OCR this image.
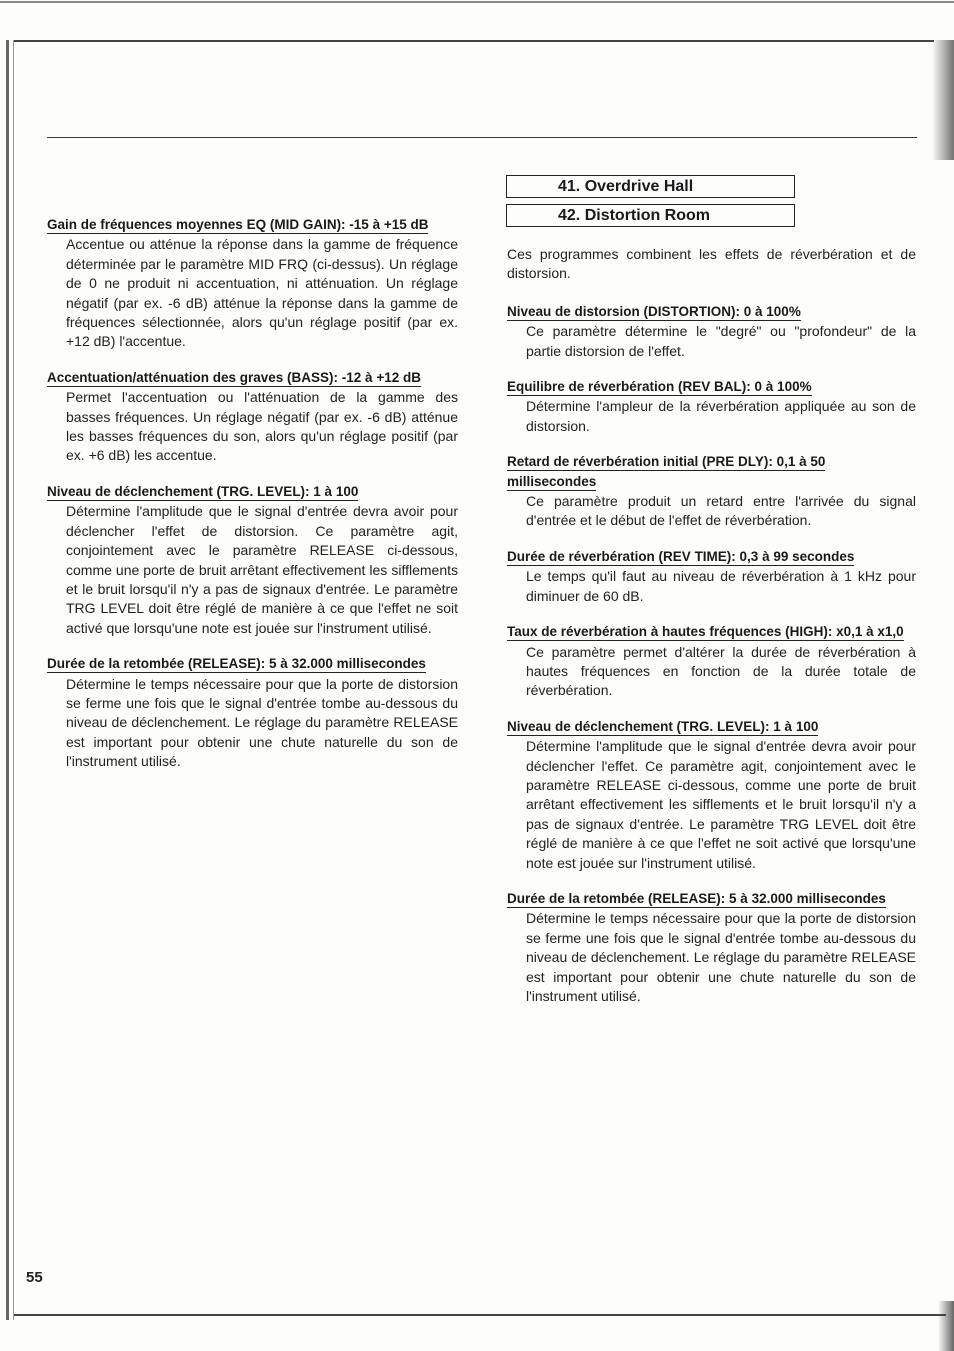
Gain de fréquences moyennes EQ (MID GAIN): -15 à +15 dB
Accentue ou atténue la réponse dans la gamme de fréquence déterminée par le paramètre MID FRQ (ci-dessus). Un réglage de 0 ne produit ni accentuation, ni atténuation. Un réglage négatif (par ex. -6 dB) atténue la réponse dans la gamme de fréquences sélectionnée, alors qu'un réglage positif (par ex. +12 dB) l'accentue.
Accentuation/atténuation des graves (BASS): -12 à +12 dB
Permet l'accentuation ou l'atténuation de la gamme des basses fréquences. Un réglage négatif (par ex. -6 dB) atténue les basses fréquences du son, alors qu'un réglage positif (par ex. +6 dB) les accentue.
Niveau de déclenchement (TRG. LEVEL): 1 à 100
Détermine l'amplitude que le signal d'entrée devra avoir pour déclencher l'effet de distorsion. Ce paramètre agit, conjointement avec le paramètre RELEASE ci-dessous, comme une porte de bruit arrêtant effectivement les sifflements et le bruit lorsqu'il n'y a pas de signaux d'entrée. Le paramètre TRG LEVEL doit être réglé de manière à ce que l'effet ne soit activé que lorsqu'une note est jouée sur l'instrument utilisé.
Durée de la retombée (RELEASE): 5 à 32.000 millisecondes
Détermine le temps nécessaire pour que la porte de distorsion se ferme une fois que le signal d'entrée tombe au-dessous du niveau de déclenchement. Le réglage du paramètre RELEASE est important pour obtenir une chute naturelle du son de l'instrument utilisé.
41. Overdrive Hall
42. Distortion Room

Ces programmes combinent les effets de réverbération et de distorsion.

Niveau de distorsion (DISTORTION): 0 à 100%
Ce paramètre détermine le "degré" ou "profondeur" de la partie distorsion de l'effet.
Equilibre de réverbération (REV BAL): 0 à 100%
Détermine l'ampleur de la réverbération appliquée au son de distorsion.
Retard de réverbération initial (PRE DLY): 0,1 à 50 millisecondes
Ce paramètre produit un retard entre l'arrivée du signal d'entrée et le début de l'effet de réverbération.
Durée de réverbération (REV TIME): 0,3 à 99 secondes
Le temps qu'il faut au niveau de réverbération à 1 kHz pour diminuer de 60 dB.
Taux de réverbération à hautes fréquences (HIGH): x0,1 à x1,0
Ce paramètre permet d'altérer la durée de réverbération à hautes fréquences en fonction de la durée totale de réverbération.
Niveau de déclenchement (TRG. LEVEL): 1 à 100
Détermine l'amplitude que le signal d'entrée devra avoir pour déclencher l'effet. Ce paramètre agit, conjointement avec le paramètre RELEASE ci-dessous, comme une porte de bruit arrêtant effectivement les sifflements et le bruit lorsqu'il n'y a pas de signaux d'entrée. Le paramètre TRG LEVEL doit être réglé de manière à ce que l'effet ne soit activé que lorsqu'une note est jouée sur l'instrument utilisé.
Durée de la retombée (RELEASE): 5 à 32.000 millisecondes
Détermine le temps nécessaire pour que la porte de distorsion se ferme une fois que le signal d'entrée tombe au-dessous du niveau de déclenchement. Le réglage du paramètre RELEASE est important pour obtenir une chute naturelle du son de l'instrument utilisé.
55
